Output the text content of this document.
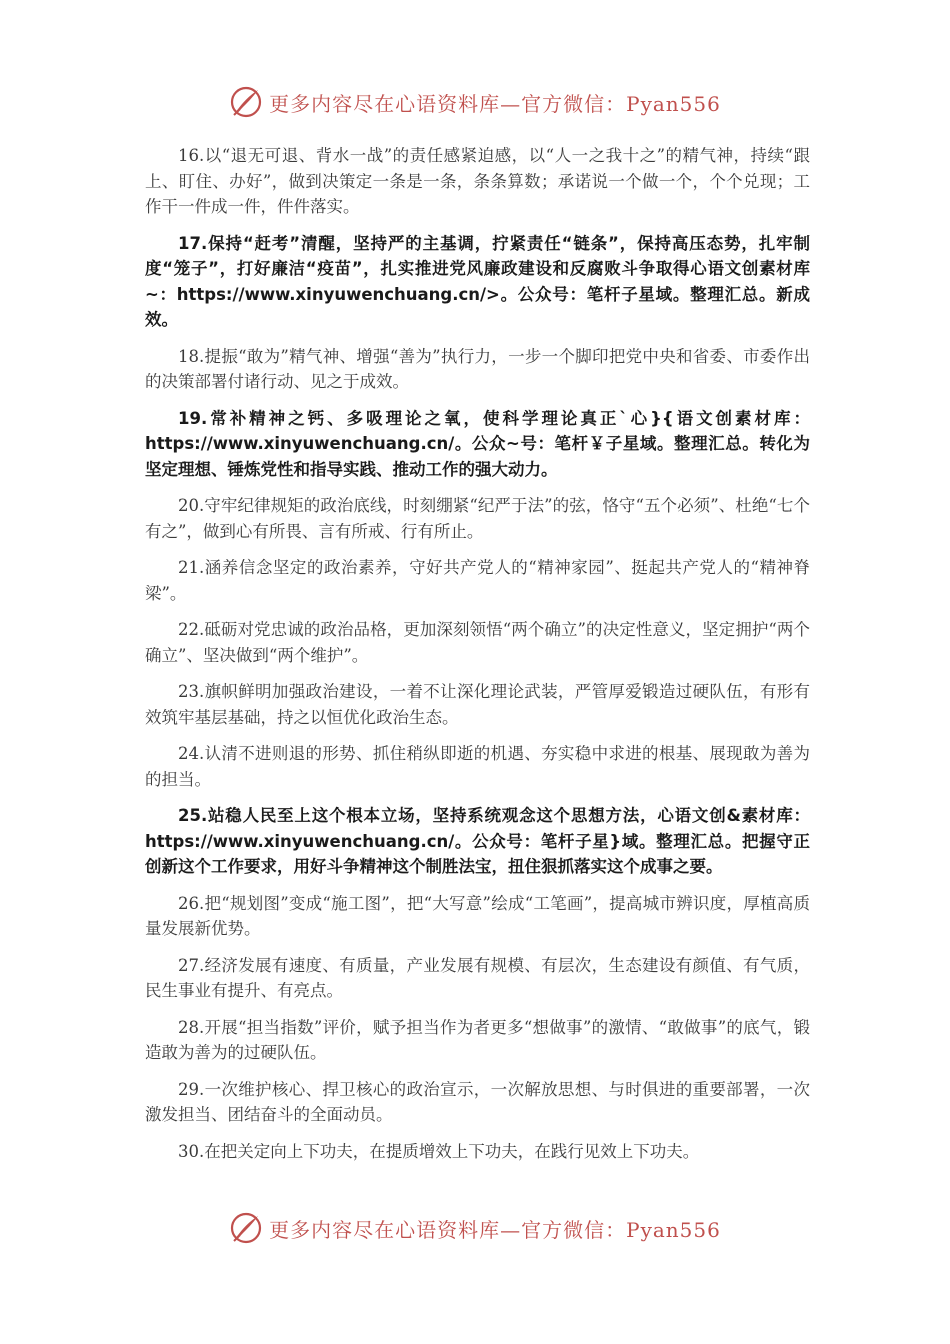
更多内容尽在心语资料库—官方微信：Pyan556

16.以“退无可退、背水一战”的责任感紧迫感，以“人一之我十之”的精气神，持续“跟上、盯住、办好”，做到决策定一条是一条，条条算数；承诺说一个做一个，个个兑现；工作干一件成一件，件件落实。

17.保持“赶考”清醒，坚持严的主基调，拧紧责任“链条”，保持高压态势，扎牢制度“笼子”，打好廉洁“疫苗”，扎实推进党风廉政建设和反腐败斗争取得心语文创素材库~：https://www.xinyuwenchuang.cn/>。公众号：笔杆子星域。整理汇总。新成效。

18.提振“敢为”精气神、增强“善为”执行力，一步一个脚印把党中央和省委、市委作出的决策部署付诸行动、见之于成效。

19.常补精神之钙、多吸理论之氧，使科学理论真正`心}{语文创素材库：https://www.xinyuwenchuang.cn/。公众~号：笔杆￥子星域。整理汇总。转化为坚定理想、锤炼党性和指导实践、推动工作的强大动力。

20.守牢纪律规矩的政治底线，时刻绷紧“纪严于法”的弦，恪守“五个必须”、杜绝“七个有之”，做到心有所畏、言有所戒、行有所止。

21.涵养信念坚定的政治素养，守好共产党人的“精神家园”、挺起共产党人的“精神脊梁”。

22.砥砺对党忠诚的政治品格，更加深刻领悟“两个确立”的决定性意义，坚定拥护“两个确立”、坚决做到“两个维护”。

23.旗帜鲜明加强政治建设，一着不让深化理论武装，严管厚爱锻造过硬队伍，有形有效筑牢基层基础，持之以恒优化政治生态。

24.认清不进则退的形势、抓住稍纵即逝的机遇、夯实稳中求进的根基、展现敢为善为的担当。

25.站稳人民至上这个根本立场，坚持系统观念这个思想方法，心语文创&素材库：https://www.xinyuwenchuang.cn/。公众号：笔杆子星}域。整理汇总。把握守正创新这个工作要求，用好斗争精神这个制胜法宝，扭住狠抓落实这个成事之要。

26.把“规划图”变成“施工图”，把“大写意”绘成“工笔画”，提高城市辨识度，厚植高质量发展新优势。

27.经济发展有速度、有质量，产业发展有规模、有层次，生态建设有颜值、有气质，民生事业有提升、有亮点。

28.开展“担当指数”评价，赋予担当作为者更多“想做事”的激情、“敢做事”的底气，锻造敢为善为的过硬队伍。

29.一次维护核心、捍卫核心的政治宣示，一次解放思想、与时俱进的重要部署，一次激发担当、团结奋斗的全面动员。

30.在把关定向上下功夫，在提质增效上下功夫，在践行见效上下功夫。

更多内容尽在心语资料库—官方微信：Pyan556
